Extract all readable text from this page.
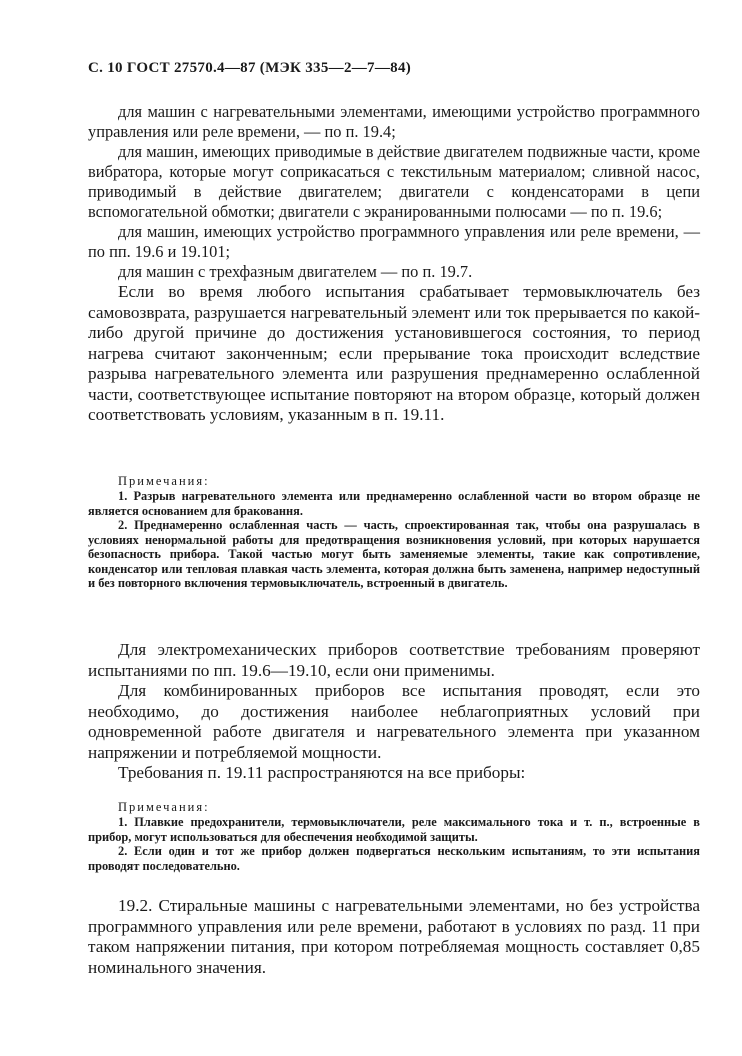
С. 10 ГОСТ 27570.4—87 (МЭК 335—2—7—84)

для машин с нагревательными элементами, имеющими устройство программного управления или реле времени, — по п. 19.4;

для машин, имеющих приводимые в действие двигателем подвижные части, кроме вибратора, которые могут соприкасаться с текстильным материалом; сливной насос, приводимый в действие двигателем; двигатели с конденсаторами в цепи вспомогательной обмотки; двигатели с экранированными полюсами — по п. 19.6;

для машин, имеющих устройство программного управления или реле времени, — по пп. 19.6 и 19.101;

для машин с трехфазным двигателем — по п. 19.7.

Если во время любого испытания срабатывает термовыключатель без самовозврата, разрушается нагревательный элемент или ток прерывается по какой-либо другой причине до достижения установившегося состояния, то период нагрева считают законченным; если прерывание тока происходит вследствие разрыва нагревательного элемента или разрушения преднамеренно ослабленной части, соответствующее испытание повторяют на втором образце, который должен соответствовать условиям, указанным в п. 19.11.

Примечания:

1. Разрыв нагревательного элемента или преднамеренно ослабленной части во втором образце не является основанием для браковання.

2. Преднамеренно ослабленная часть — часть, спроектированная так, чтобы она разрушалась в условиях ненормальной работы для предотвращения возникновения условий, при которых нарушается безопасность прибора. Такой частью могут быть заменяемые элементы, такие как сопротивление, конденсатор или тепловая плавкая часть элемента, которая должна быть заменена, например недоступный и без повторного включения термовыключатель, встроенный в двигатель.

Для электромеханических приборов соответствие требованиям проверяют испытаниями по пп. 19.6—19.10, если они применимы.

Для комбинированных приборов все испытания проводят, если это необходимо, до достижения наиболее неблагоприятных условий при одновременной работе двигателя и нагревательного элемента при указанном напряжении и потребляемой мощности.

Требования п. 19.11 распространяются на все приборы:

Примечания:

1. Плавкие предохранители, термовыключатели, реле максимального тока и т. п., встроенные в прибор, могут использоваться для обеспечения необходимой защиты.

2. Если один и тот же прибор должен подвергаться нескольким испытаниям, то эти испытания проводят последовательно.

19.2. Стиральные машины с нагревательными элементами, но без устройства программного управления или реле времени, работают в условиях по разд. 11 при таком напряжении питания, при котором потребляемая мощность составляет 0,85 номинального значения.
